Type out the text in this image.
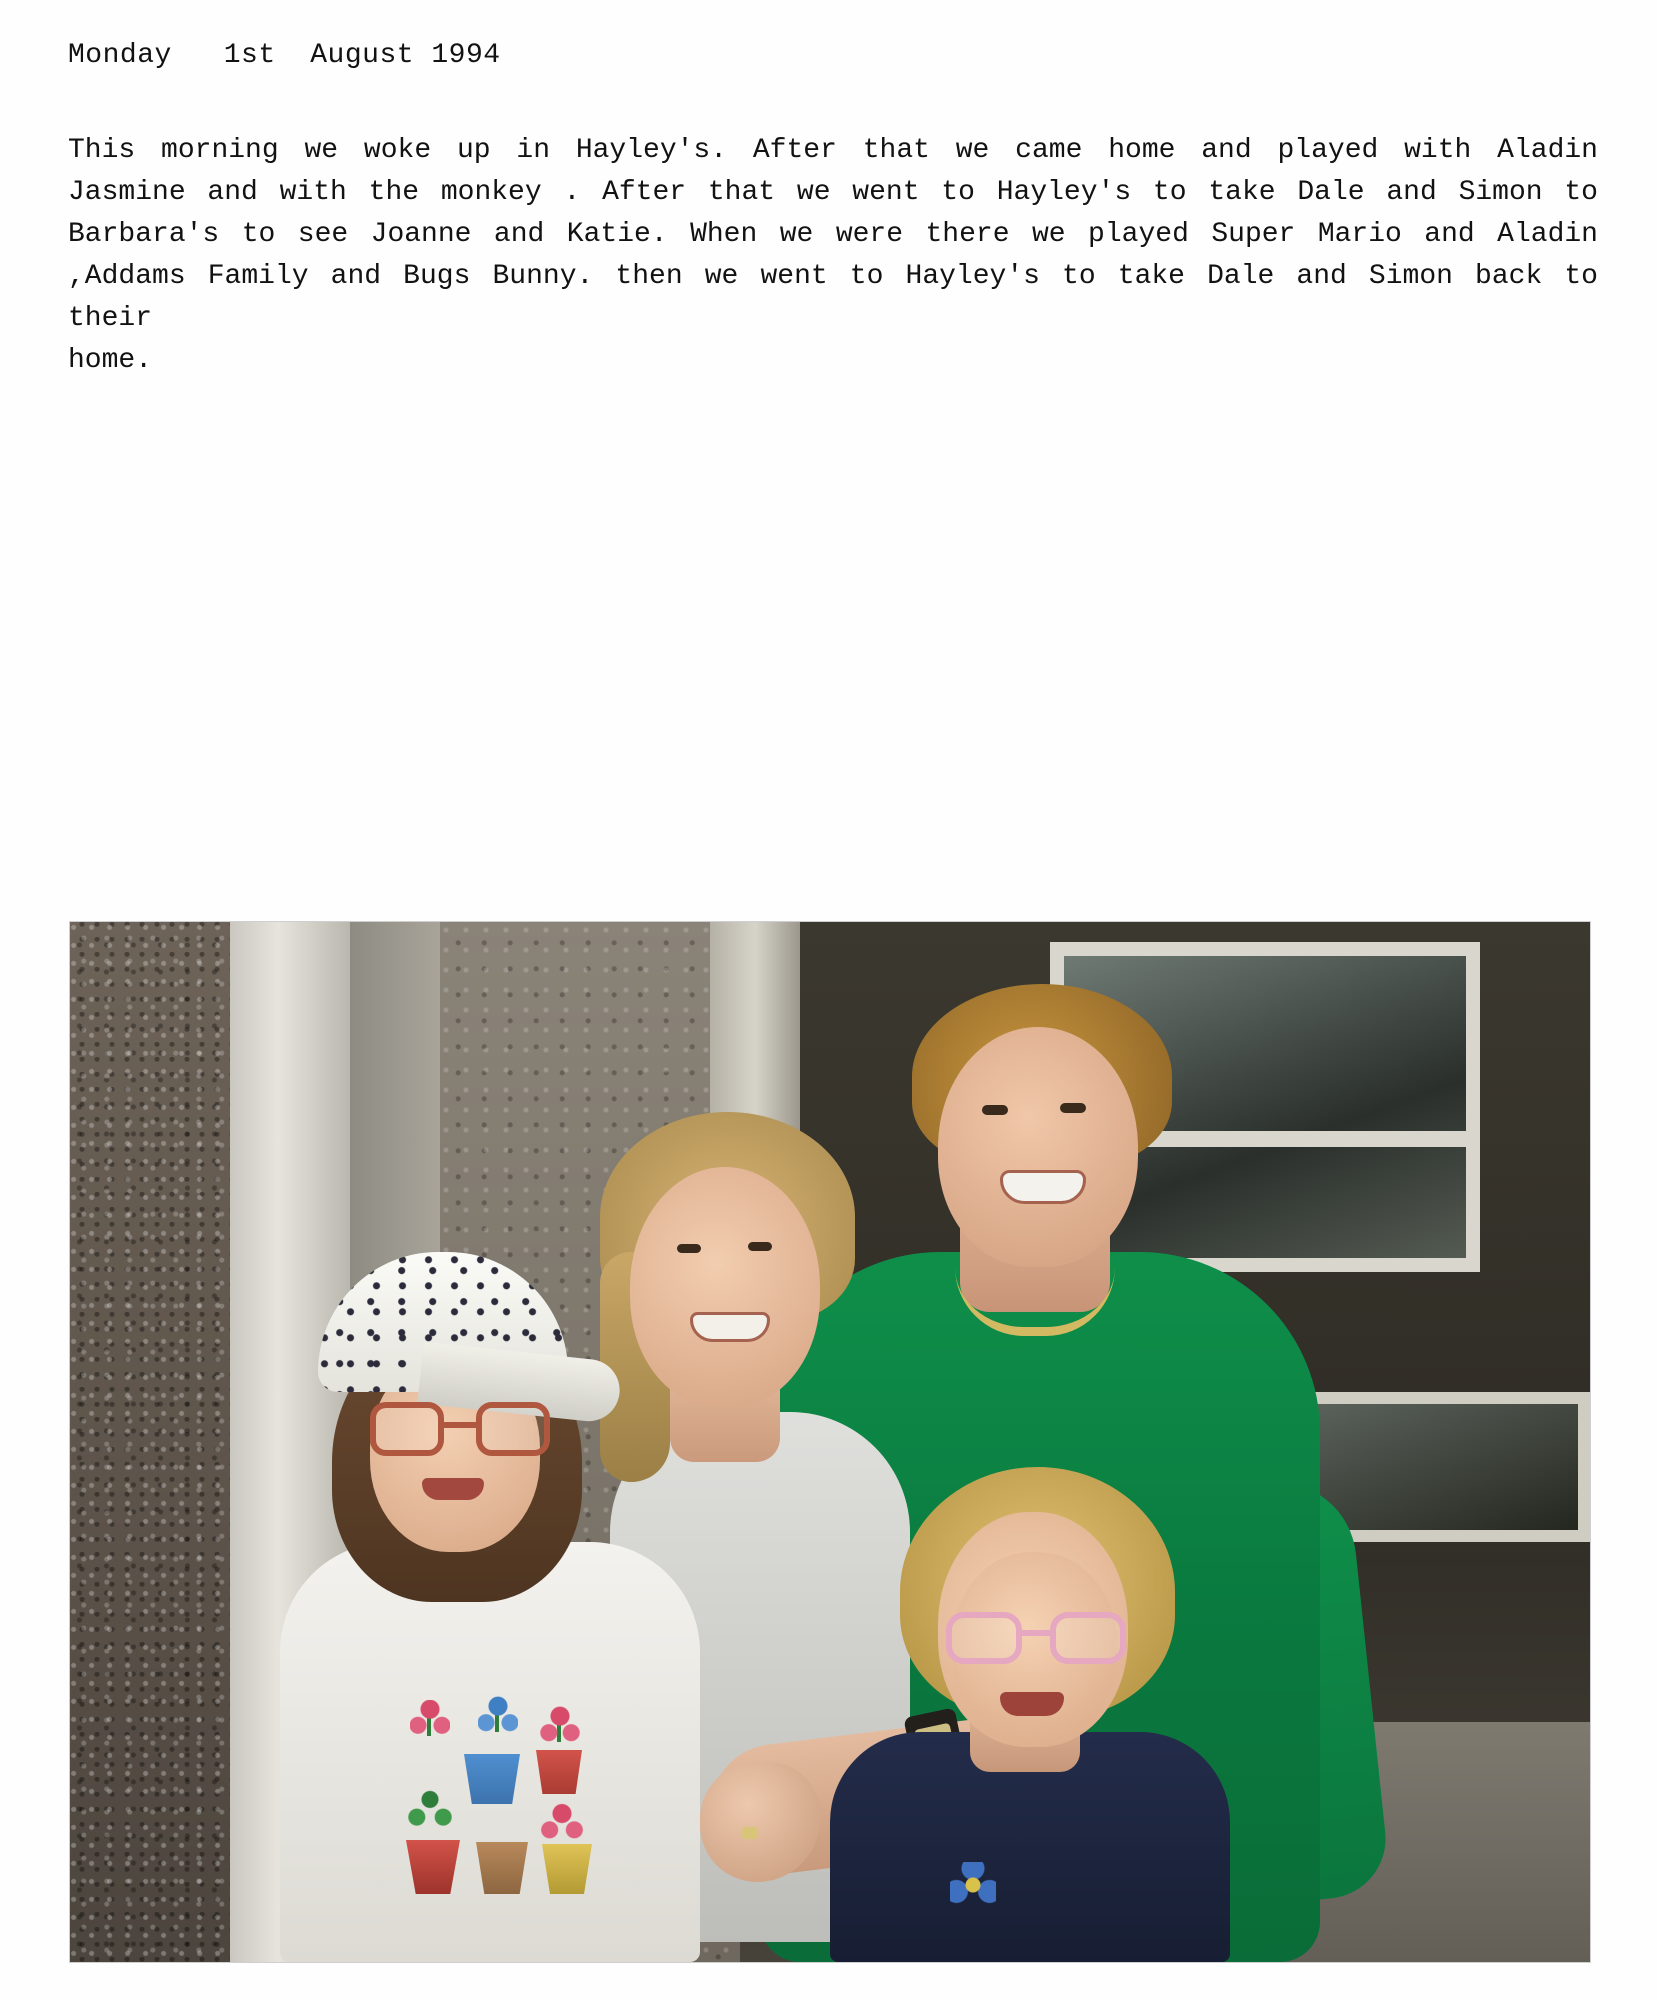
Monday   1st  August 1994
This morning we woke up in Hayley's. After that we came home and played with Aladin Jasmine and with the monkey . After that we went to Hayley's to take Dale and Simon to Barbara's to see Joanne and Katie. When we were there we played Super Mario and Aladin ,Addams Family and Bugs Bunny. then we went to Hayley's to take Dale and Simon back to their
home.
